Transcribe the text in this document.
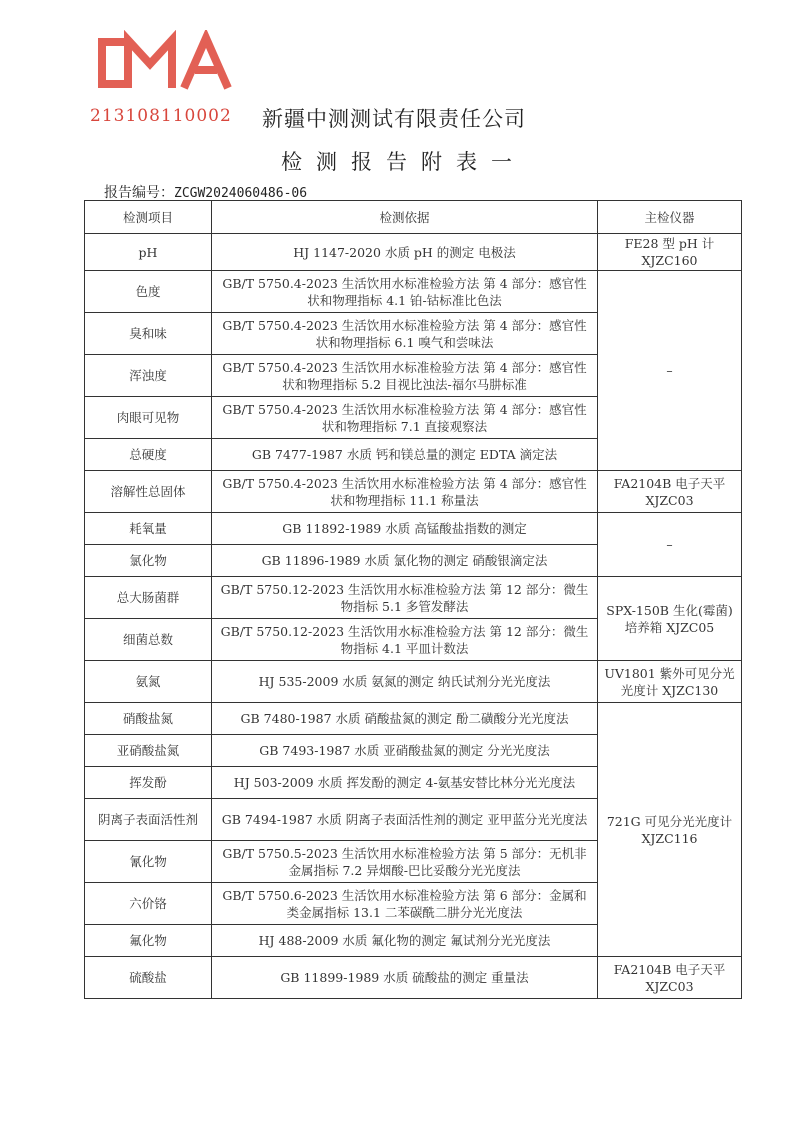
213108110002 新疆中测测试有限责任公司
检测报告附表一
报告编号：ZCGW2024060486-06
检测项目	检测依据	主检仪器
pH	HJ 1147-2020 水质 pH 的测定 电极法	FE28 型 pH 计 XJZC160
色度	GB/T 5750.4-2023 生活饮用水标准检验方法 第 4 部分：感官性状和物理指标 4.1 铂-钴标准比色法	–
臭和味	GB/T 5750.4-2023 生活饮用水标准检验方法 第 4 部分：感官性状和物理指标 6.1 嗅气和尝味法	
浑浊度	GB/T 5750.4-2023 生活饮用水标准检验方法 第 4 部分：感官性状和物理指标 5.2 目视比浊法-福尔马肼标准	
肉眼可见物	GB/T 5750.4-2023 生活饮用水标准检验方法 第 4 部分：感官性状和物理指标 7.1 直接观察法	
总硬度	GB 7477-1987 水质 钙和镁总量的测定 EDTA 滴定法	
溶解性总固体	GB/T 5750.4-2023 生活饮用水标准检验方法 第 4 部分：感官性状和物理指标 11.1 称量法	FA2104B 电子天平 XJZC03
耗氧量	GB 11892-1989 水质 高锰酸盐指数的测定	–
氯化物	GB 11896-1989 水质 氯化物的测定 硝酸银滴定法	
总大肠菌群	GB/T 5750.12-2023 生活饮用水标准检验方法 第 12 部分：微生物指标 5.1 多管发酵法	SPX-150B 生化(霉菌)培养箱 XJZC05
细菌总数	GB/T 5750.12-2023 生活饮用水标准检验方法 第 12 部分：微生物指标 4.1 平皿计数法	
氨氮	HJ 535-2009 水质 氨氮的测定 纳氏试剂分光光度法	UV1801 紫外可见分光光度计 XJZC130
硝酸盐氮	GB 7480-1987 水质 硝酸盐氮的测定 酚二磺酸分光光度法	721G 可见分光光度计 XJZC116
亚硝酸盐氮	GB 7493-1987 水质 亚硝酸盐氮的测定 分光光度法	
挥发酚	HJ 503-2009 水质 挥发酚的测定 4-氨基安替比林分光光度法	
阴离子表面活性剂	GB 7494-1987 水质 阴离子表面活性剂的测定 亚甲蓝分光光度法	
氰化物	GB/T 5750.5-2023 生活饮用水标准检验方法 第 5 部分：无机非金属指标 7.2 异烟酸-巴比妥酸分光光度法	
六价铬	GB/T 5750.6-2023 生活饮用水标准检验方法 第 6 部分：金属和类金属指标 13.1 二苯碳酰二肼分光光度法	
氟化物	HJ 488-2009 水质 氟化物的测定 氟试剂分光光度法	
硫酸盐	GB 11899-1989 水质 硫酸盐的测定 重量法	FA2104B 电子天平 XJZC03
